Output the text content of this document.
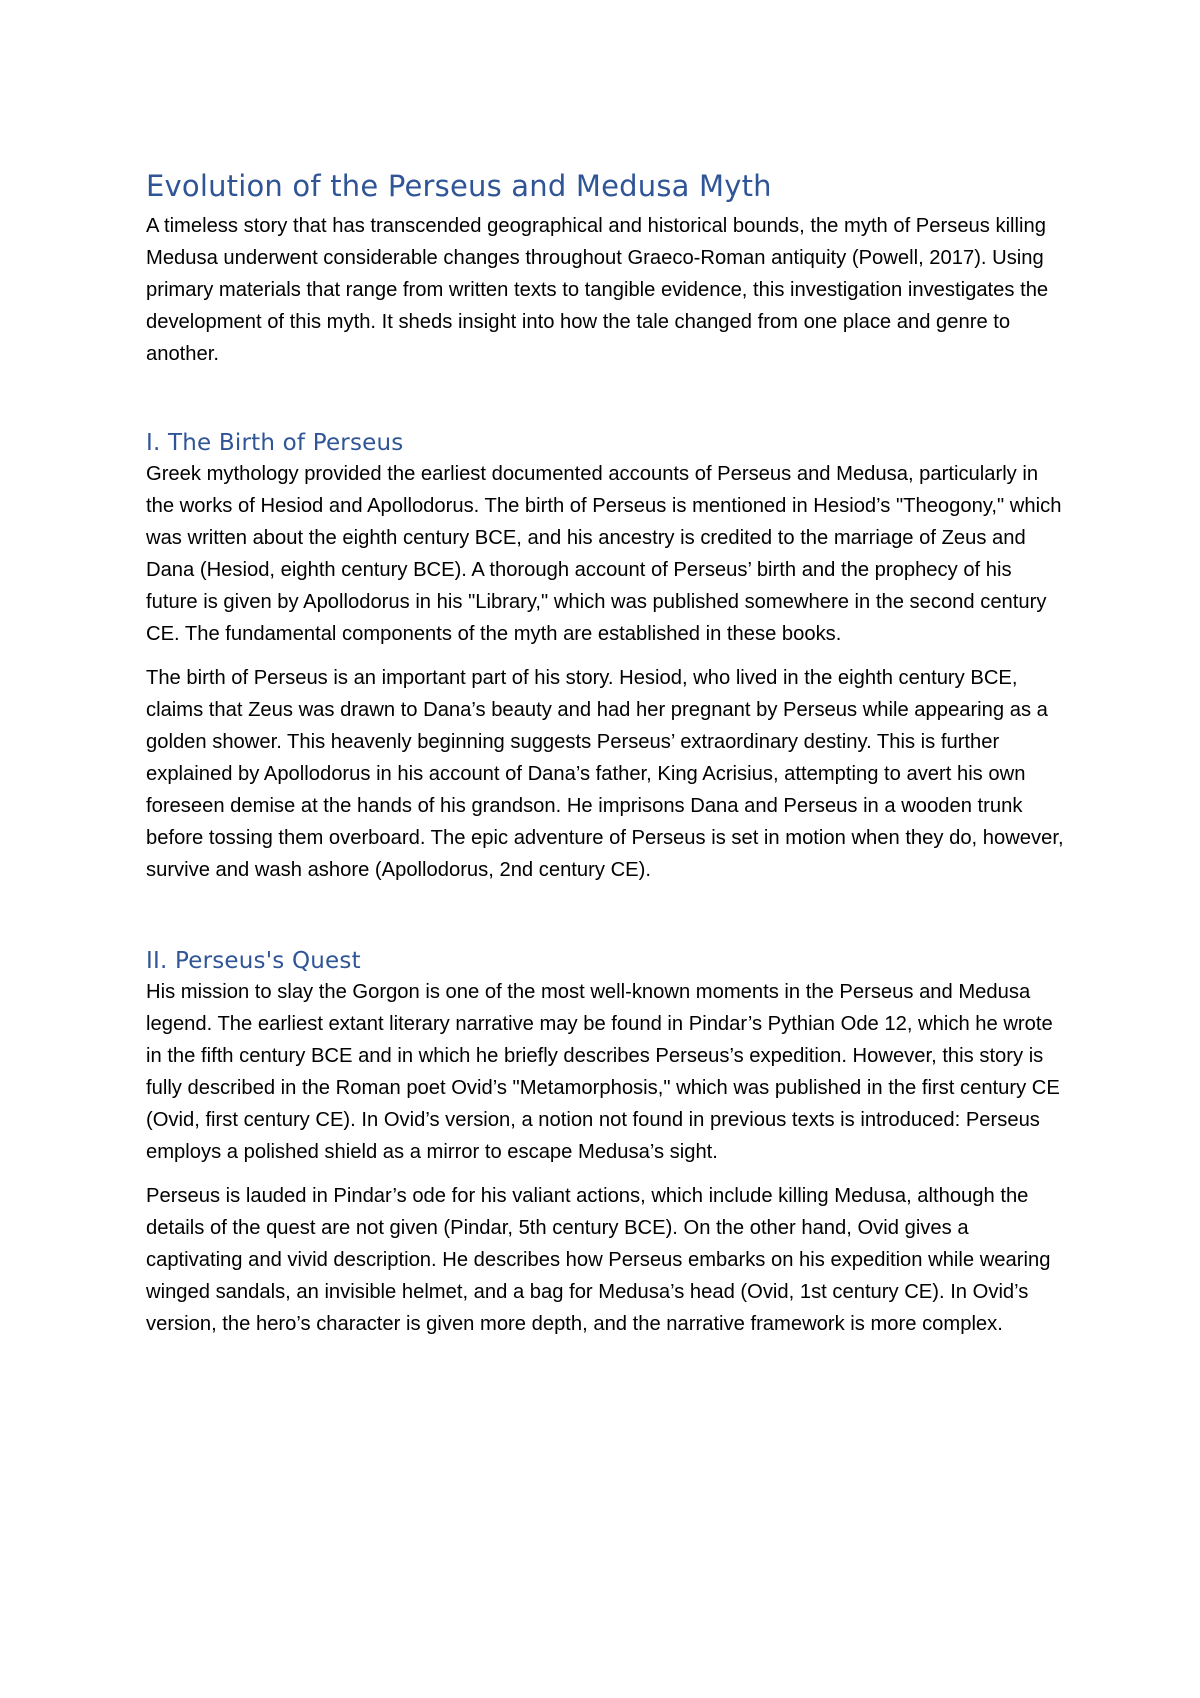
Evolution of the Perseus and Medusa Myth

A timeless story that has transcended geographical and historical bounds, the myth of Perseus killing Medusa underwent considerable changes throughout Graeco-Roman antiquity (Powell, 2017). Using primary materials that range from written texts to tangible evidence, this investigation investigates the development of this myth. It sheds insight into how the tale changed from one place and genre to another.

I. The Birth of Perseus

Greek mythology provided the earliest documented accounts of Perseus and Medusa, particularly in the works of Hesiod and Apollodorus. The birth of Perseus is mentioned in Hesiod’s "Theogony," which was written about the eighth century BCE, and his ancestry is credited to the marriage of Zeus and Dana (Hesiod, eighth century BCE). A thorough account of Perseus’ birth and the prophecy of his future is given by Apollodorus in his "Library," which was published somewhere in the second century CE. The fundamental components of the myth are established in these books.

The birth of Perseus is an important part of his story. Hesiod, who lived in the eighth century BCE, claims that Zeus was drawn to Dana’s beauty and had her pregnant by Perseus while appearing as a golden shower. This heavenly beginning suggests Perseus’ extraordinary destiny. This is further explained by Apollodorus in his account of Dana’s father, King Acrisius, attempting to avert his own foreseen demise at the hands of his grandson. He imprisons Dana and Perseus in a wooden trunk before tossing them overboard. The epic adventure of Perseus is set in motion when they do, however, survive and wash ashore (Apollodorus, 2nd century CE).

II. Perseus's Quest

His mission to slay the Gorgon is one of the most well-known moments in the Perseus and Medusa legend. The earliest extant literary narrative may be found in Pindar’s Pythian Ode 12, which he wrote in the fifth century BCE and in which he briefly describes Perseus’s expedition. However, this story is fully described in the Roman poet Ovid’s "Metamorphosis," which was published in the first century CE (Ovid, first century CE). In Ovid’s version, a notion not found in previous texts is introduced: Perseus employs a polished shield as a mirror to escape Medusa’s sight.

Perseus is lauded in Pindar’s ode for his valiant actions, which include killing Medusa, although the details of the quest are not given (Pindar, 5th century BCE). On the other hand, Ovid gives a captivating and vivid description. He describes how Perseus embarks on his expedition while wearing winged sandals, an invisible helmet, and a bag for Medusa’s head (Ovid, 1st century CE). In Ovid’s version, the hero’s character is given more depth, and the narrative framework is more complex.
